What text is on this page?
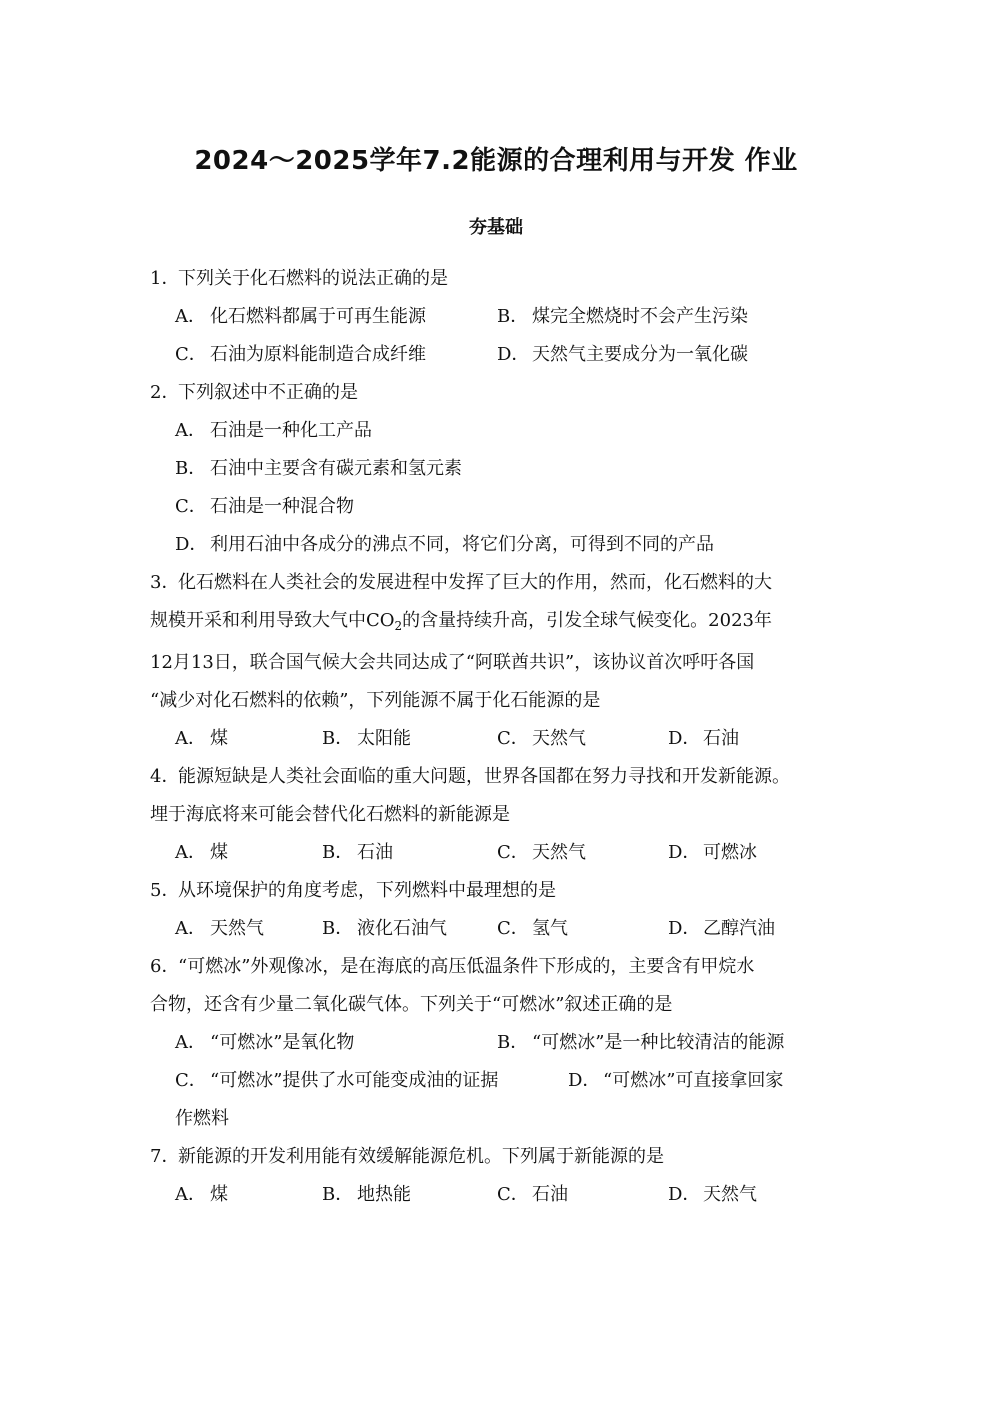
2024～2025学年7.2能源的合理利用与开发 作业
夯基础
1．下列关于化石燃料的说法正确的是
A． 化石燃料都属于可再生能源	B． 煤完全燃烧时不会产生污染
C． 石油为原料能制造合成纤维	D． 天然气主要成分为一氧化碳
2．下列叙述中不正确的是
A． 石油是一种化工产品
B． 石油中主要含有碳元素和氢元素
C． 石油是一种混合物
D． 利用石油中各成分的沸点不同，将它们分离，可得到不同的产品
3．化石燃料在人类社会的发展进程中发挥了巨大的作用，然而，化石燃料的大
规模开采和利用导致大气中$CO_2$的含量持续升高，引发全球气候变化。2023年
12月13日，联合国气候大会共同达成了“阿联酋共识”，该协议首次呼吁各国
“减少对化石燃料的依赖”，下列能源不属于化石能源的是
A． 煤	B． 太阳能	C． 天然气	D． 石油
4．能源短缺是人类社会面临的重大问题，世界各国都在努力寻找和开发新能源。
埋于海底将来可能会替代化石燃料的新能源是
A． 煤	B． 石油	C． 天然气	D． 可燃冰
5．从环境保护的角度考虑，下列燃料中最理想的是
A． 天然气	B． 液化石油气	C． 氢气	D． 乙醇汽油
6．“可燃冰”外观像冰，是在海底的高压低温条件下形成的，主要含有甲烷水
合物，还含有少量二氧化碳气体。下列关于“可燃冰”叙述正确的是
A． “可燃冰”是氧化物	B． “可燃冰”是一种比较清洁的能源
C． “可燃冰”提供了水可能变成油的证据	D． “可燃冰”可直接拿回家
作燃料
7．新能源的开发利用能有效缓解能源危机。下列属于新能源的是
A． 煤	B． 地热能	C． 石油	D． 天然气
